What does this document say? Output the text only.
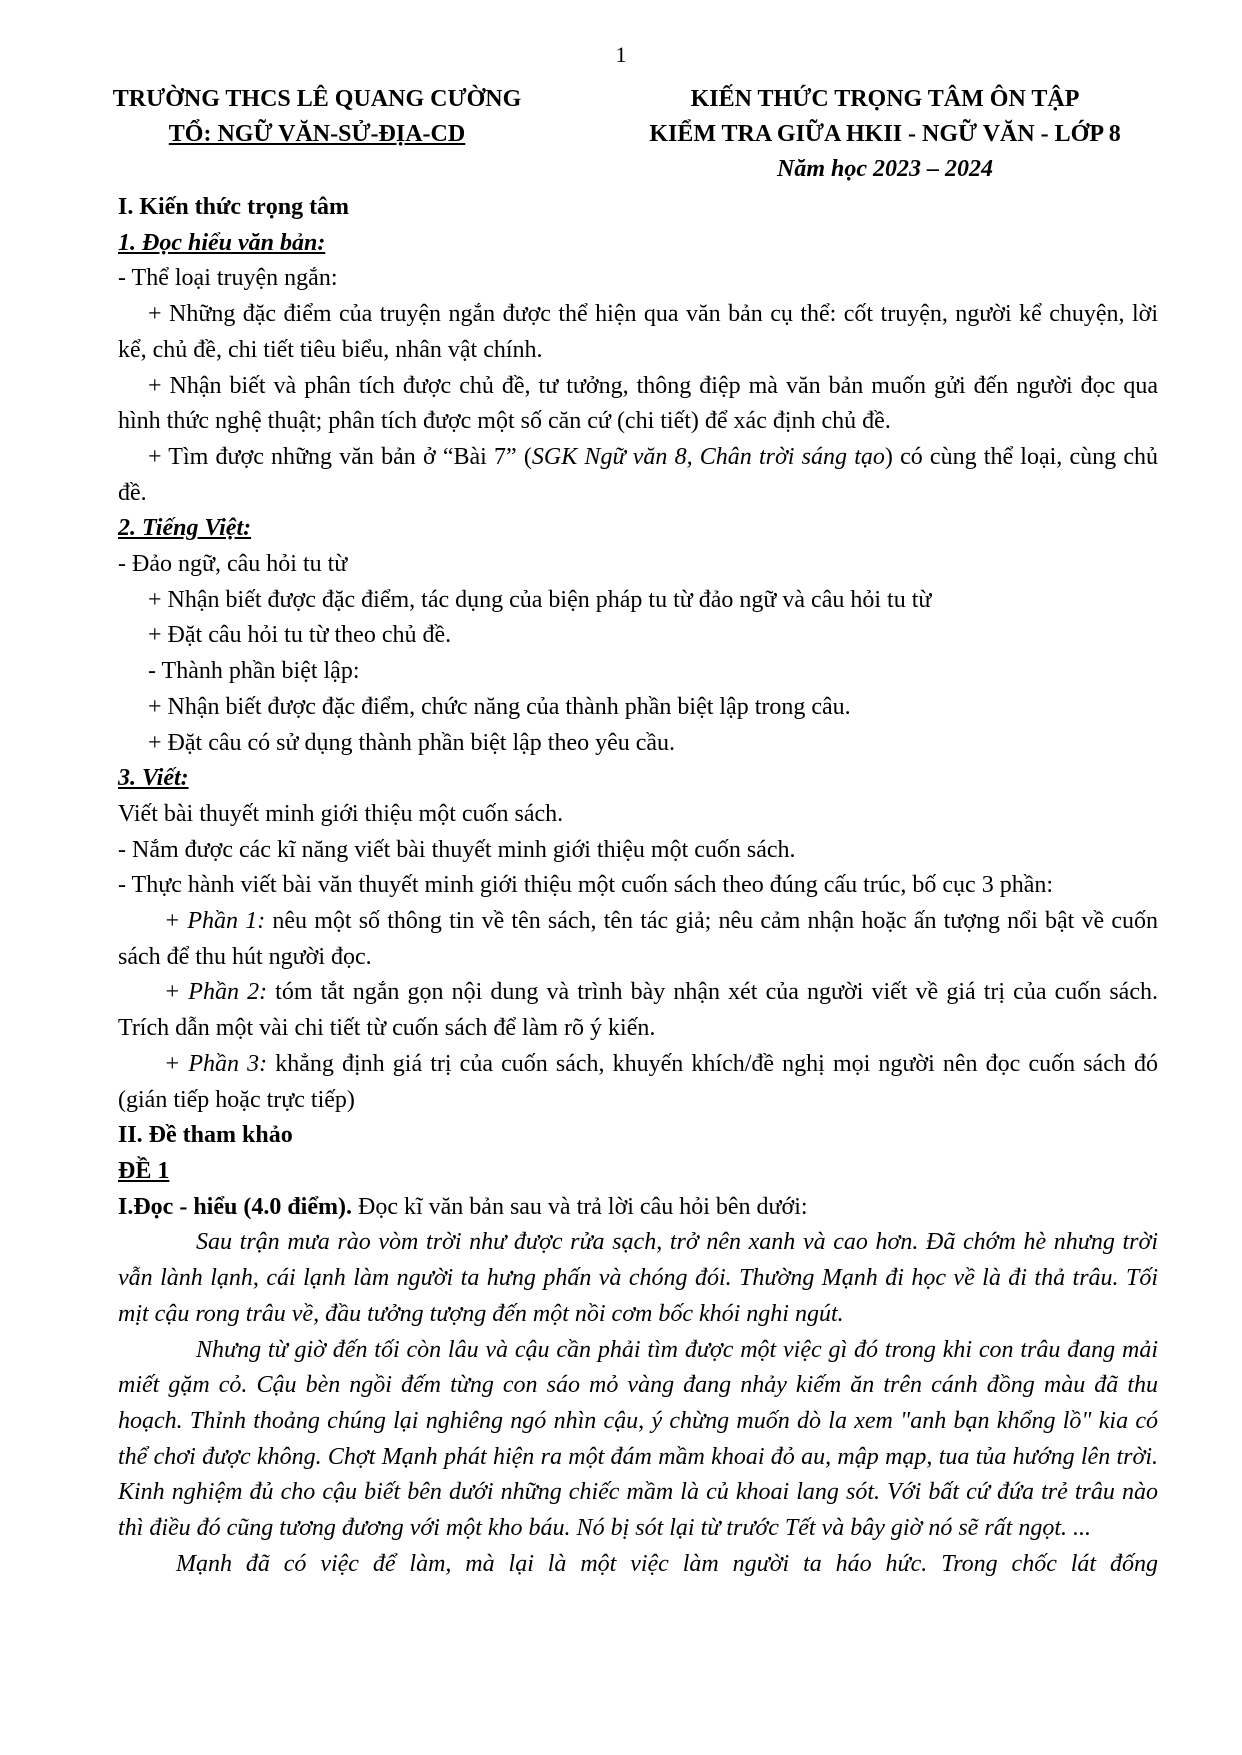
1
TRƯỜNG THCS LÊ QUANG CƯỜNG
TỔ: NGỮ VĂN-SỬ-ĐỊA-CD
KIẾN THỨC TRỌNG TÂM ÔN TẬP
KIỂM TRA GIỮA HKII - NGỮ VĂN - LỚP 8
Năm học 2023 – 2024

I. Kiến thức trọng tâm

1. Đọc hiểu văn bản:

- Thể loại truyện ngắn:

+ Những đặc điểm của truyện ngắn được thể hiện qua văn bản cụ thể: cốt truyện, người kể chuyện, lời kể, chủ đề, chi tiết tiêu biểu, nhân vật chính.

+ Nhận biết và phân tích được chủ đề, tư tưởng, thông điệp mà văn bản muốn gửi đến người đọc qua hình thức nghệ thuật; phân tích được một số căn cứ (chi tiết) để xác định chủ đề.

+ Tìm được những văn bản ở “Bài 7” (SGK Ngữ văn 8, Chân trời sáng tạo) có cùng thể loại, cùng chủ đề.

2. Tiếng Việt:

- Đảo ngữ, câu hỏi tu từ

+ Nhận biết được đặc điểm, tác dụng của biện pháp tu từ đảo ngữ và câu hỏi tu từ

+ Đặt câu hỏi tu từ theo chủ đề.

- Thành phần biệt lập:

+ Nhận biết được đặc điểm, chức năng của thành phần biệt lập trong câu.

+ Đặt câu có sử dụng thành phần biệt lập theo yêu cầu.

3. Viết:

Viết bài thuyết minh giới thiệu một cuốn sách.

- Nắm được các kĩ năng viết bài thuyết minh giới thiệu một cuốn sách.

- Thực hành viết bài văn thuyết minh giới thiệu một cuốn sách theo đúng cấu trúc, bố cục 3 phần:

+ Phần 1: nêu một số thông tin về tên sách, tên tác giả; nêu cảm nhận hoặc ấn tượng nổi bật về cuốn sách để thu hút người đọc.

+ Phần 2: tóm tắt ngắn gọn nội dung và trình bày nhận xét của người viết về giá trị của cuốn sách. Trích dẫn một vài chi tiết từ cuốn sách để làm rõ ý kiến.

+ Phần 3: khẳng định giá trị của cuốn sách, khuyến khích/đề nghị mọi người nên đọc cuốn sách đó (gián tiếp hoặc trực tiếp)

II. Đề tham khảo

ĐỀ 1

I.Đọc - hiểu (4.0 điểm). Đọc kĩ văn bản sau và trả lời câu hỏi bên dưới:

Sau trận mưa rào vòm trời như được rửa sạch, trở nên xanh và cao hơn. Đã chớm hè nhưng trời vẫn lành lạnh, cái lạnh làm người ta hưng phấn và chóng đói. Thường Mạnh đi học về là đi thả trâu. Tối mịt cậu rong trâu về, đầu tưởng tượng đến một nồi cơm bốc khói nghi ngút.

Nhưng từ giờ đến tối còn lâu và cậu cần phải tìm được một việc gì đó trong khi con trâu đang mải miết gặm cỏ. Cậu bèn ngồi đếm từng con sáo mỏ vàng đang nhảy kiếm ăn trên cánh đồng màu đã thu hoạch. Thỉnh thoảng chúng lại nghiêng ngó nhìn cậu, ý chừng muốn dò la xem "anh bạn khổng lồ" kia có thể chơi được không. Chợt Mạnh phát hiện ra một đám mầm khoai đỏ au, mập mạp, tua tủa hướng lên trời. Kinh nghiệm đủ cho cậu biết bên dưới những chiếc mầm là củ khoai lang sót. Với bất cứ đứa trẻ trâu nào thì điều đó cũng tương đương với một kho báu. Nó bị sót lại từ trước Tết và bây giờ nó sẽ rất ngọt. ...

Mạnh đã có việc để làm, mà lại là một việc làm người ta háo hức. Trong chốc lát đống
